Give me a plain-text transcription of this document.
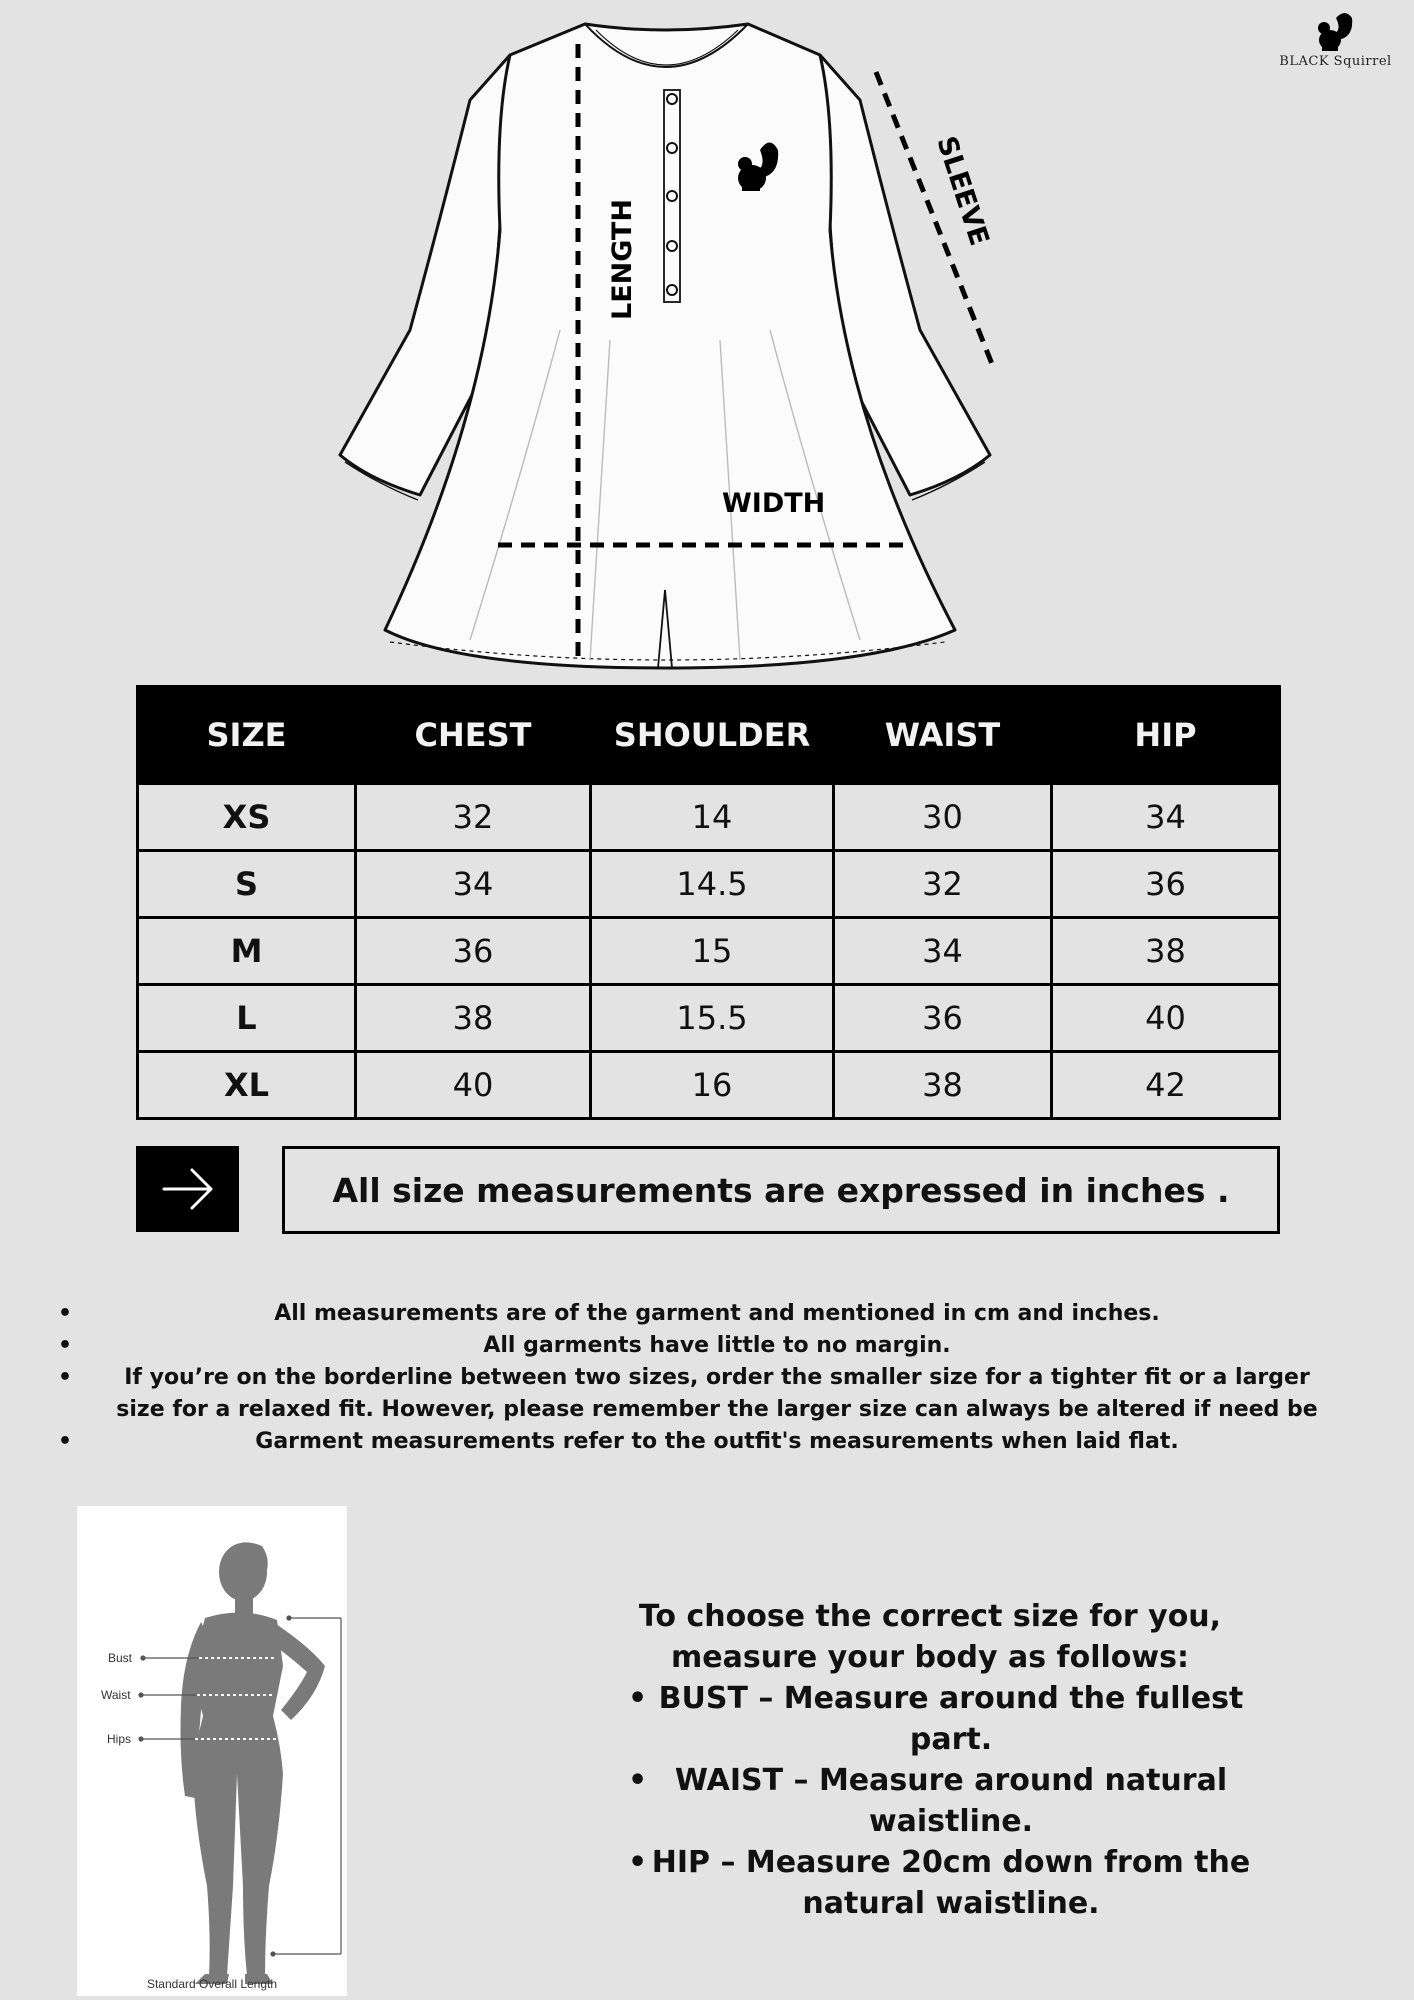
LENGTH
SLEEVE
WIDTH
BLACK Squirrel
SIZE	CHEST	SHOULDER	WAIST	HIP
XS	32	14	30	34
S	34	14.5	32	36
M	36	15	34	38
L	38	15.5	36	40
XL	40	16	38	42
All size measurements are expressed in inches .
• All measurements are of the garment and mentioned in cm and inches.
• All garments have little to no margin.
• If you’re on the borderline between two sizes, order the smaller size for a tighter fit or a larger size for a relaxed fit. However, please remember the larger size can always be altered if need be
• Garment measurements refer to the outfit's measurements when laid flat.
Bust
Waist
Hips
Standard Overall Length

To choose the correct size for you, measure your body as follows:

• BUST – Measure around the fullest part.
• WAIST – Measure around natural waistline.
• HIP – Measure 20cm down from the natural waistline.
